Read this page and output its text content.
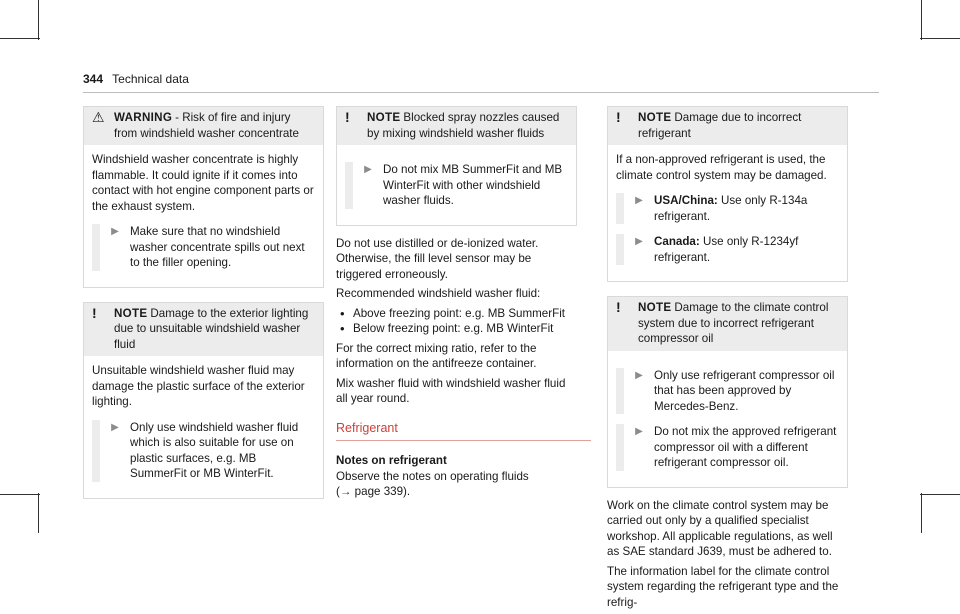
344 Technical data
⚠ WARNING - Risk of fire and injury from windshield washer concentrate

Windshield washer concentrate is highly flammable. It could ignite if it comes into contact with hot engine component parts or the exhaust system.

▶ Make sure that no windshield washer concentrate spills out next to the filler opening.
!	NOTE Damage to the exterior lighting due to unsuitable windshield washer fluid

Unsuitable windshield washer fluid may damage the plastic surface of the exterior lighting.

▶ Only use windshield washer fluid which is also suitable for use on plastic surfaces, e.g. MB SummerFit or MB WinterFit.
!	NOTE Blocked spray nozzles caused by mixing windshield washer fluids
▶ Do not mix MB SummerFit and MB WinterFit with other windshield washer fluids.

Do not use distilled or de-ionized water. Otherwise, the fill level sensor may be triggered erroneously.

Recommended windshield washer fluid:

• Above freezing point: e.g. MB SummerFit
• Below freezing point: e.g. MB WinterFit

For the correct mixing ratio, refer to the information on the antifreeze container.

Mix washer fluid with windshield washer fluid all year round.

Refrigerant
Notes on refrigerant
Observe the notes on operating fluids
(→ page 339).
!	NOTE Damage due to incorrect refrigerant

If a non-approved refrigerant is used, the climate control system may be damaged.

▶ USA/China: Use only R-134a refrigerant.
▶ Canada: Use only R-1234yf refrigerant.
!	NOTE Damage to the climate control system due to incorrect refrigerant compressor oil
▶ Only use refrigerant compressor oil that has been approved by Mercedes-Benz.
▶ Do not mix the approved refrigerant compressor oil with a different refrigerant compressor oil.

Work on the climate control system may be carried out only by a qualified specialist workshop. All applicable regulations, as well as SAE standard J639, must be adhered to.

The information label for the climate control system regarding the refrigerant type and the refrig-
